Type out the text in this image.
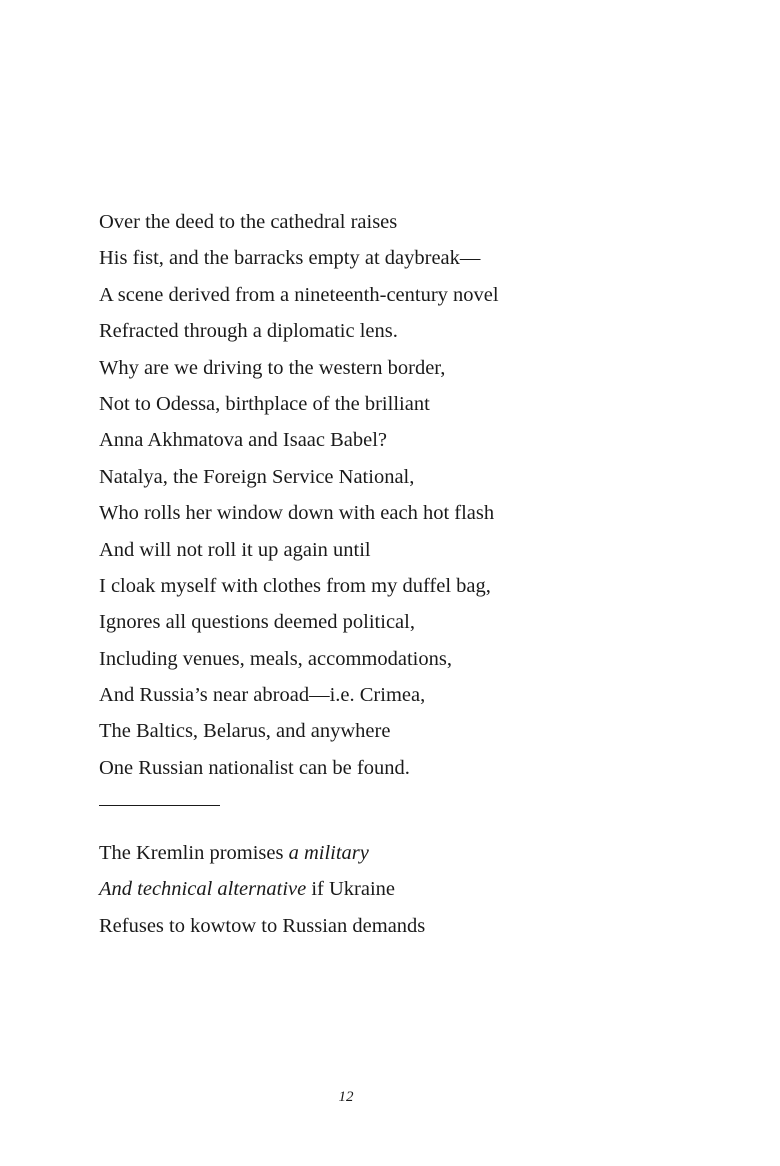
Over the deed to the cathedral raises
His fist, and the barracks empty at daybreak—
A scene derived from a nineteenth-century novel
Refracted through a diplomatic lens.
Why are we driving to the western border,
Not to Odessa, birthplace of the brilliant
Anna Akhmatova and Isaac Babel?
Natalya, the Foreign Service National,
Who rolls her window down with each hot flash
And will not roll it up again until
I cloak myself with clothes from my duffel bag,
Ignores all questions deemed political,
Including venues, meals, accommodations,
And Russia’s near abroad—i.e. Crimea,
The Baltics, Belarus, and anywhere
One Russian nationalist can be found.
The Kremlin promises a military
And technical alternative if Ukraine
Refuses to kowtow to Russian demands
12
